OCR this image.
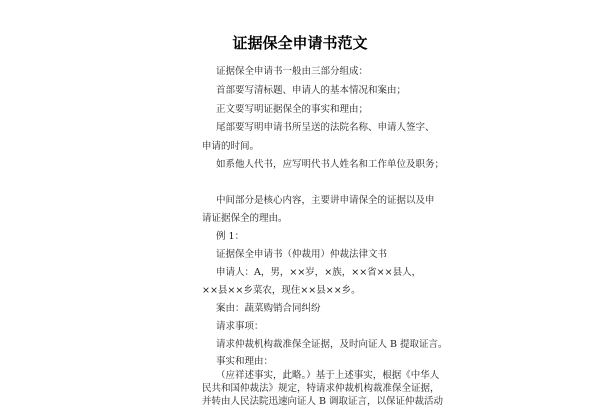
证据保全申请书范文
证据保全申请书一般由三部分组成：
首部要写清标题、申请人的基本情况和案由；
正文要写明证据保全的事实和理由；
尾部要写明申请书所呈送的法院名称、申请人签字、
申请的时间。
如系他人代书，应写明代书人姓名和工作单位及职务；
中间部分是核心内容，主要讲申请保全的证据以及申
请证据保全的理由。
例 1：
证据保全申请书（仲裁用）仲裁法律文书
申请人：A，男，××岁，×族，××省××县人，
××县××乡菜农，现住××县××乡。
案由：蔬菜购销合同纠纷
请求事项：
请求仲裁机构裁准保全证据，及时向证人 B 提取证言。
事实和理由：
（应祥述事实，此略。）基于上述事实，根据《中华人
民共和国仲裁法》规定，特请求仲裁机构裁准保全证据，
并转由人民法院迅速向证人 B 调取证言，以保证仲裁活动
